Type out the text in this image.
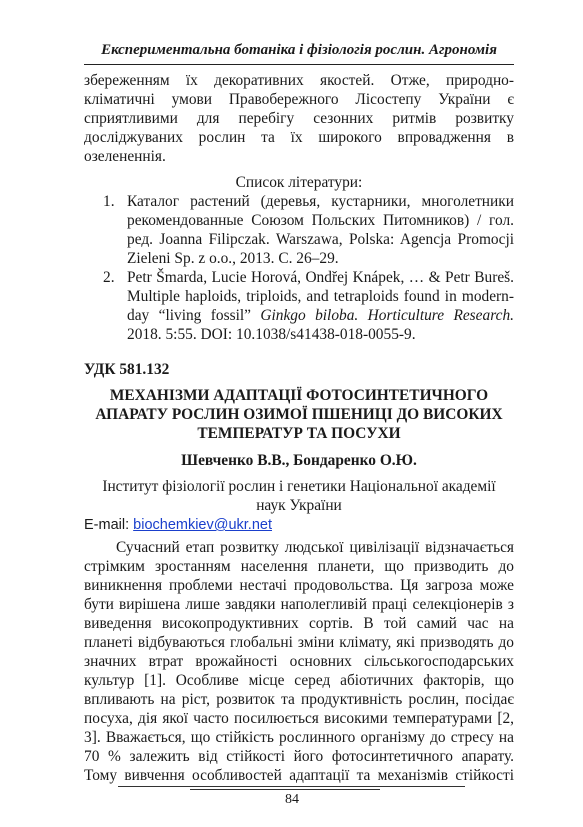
Експериментальна ботаніка і фізіологія рослин. Агрономія
збереженням їх декоративних якостей. Отже, природно-
кліматичні умови Правобережного Лісостепу України є
сприятливими для перебігу сезонних ритмів розвитку
досліджуваних рослин та їх широкого впровадження в
озелененнія.
Список літератури:
1. Каталог растений (деревья, кустарники, многолетники
рекомендованные Союзом Польских Питомников) / гол.
ред. Joanna Filipczak. Warszawa, Polska: Agencja Promocji
Zieleni Sp. z o.o., 2013. С. 26–29.
2. Petr Šmarda, Lucie Horová, Ondřej Knápek, … & Petr Bureš.
Multiple haploids, triploids, and tetraploids found in modern-
day “living fossil” Ginkgo biloba. Horticulture Research.
2018. 5:55. DOI: 10.1038/s41438-018-0055-9.
УДК 581.132
МЕХАНІЗМИ АДАПТАЦІЇ ФОТОСИНТЕТИЧНОГО
АПАРАТУ РОСЛИН ОЗИМОЇ ПШЕНИЦІ ДО ВИСОКИХ
ТЕМПЕРАТУР ТА ПОСУХИ
Шевченко В.В., Бондаренко О.Ю.
Інститут фізіології рослин і генетики Національної академії
наук України
E-mail: biochemkiev@ukr.net
Сучасний етап розвитку людської цивілізації відзначається
стрімким зростанням населення планети, що призводить до
виникнення проблеми нестачі продовольства. Ця загроза може
бути вирішена лише завдяки наполегливій праці селекціонерів з
виведення високопродуктивних сортів. В той самий час на
планеті відбуваються глобальні зміни клімату, які призводять до
значних втрат врожайності основних сільськогосподарських
культур [1]. Особливе місце серед абіотичних факторів, що
впливають на ріст, розвиток та продуктивність рослин, посідає
посуха, дія якої часто посилюється високими температурами [2,
3]. Вважається, що стійкість рослинного організму до стресу на
70 % залежить від стійкості його фотосинтетичного апарату.
Тому вивчення особливостей адаптації та механізмів стійкості
84
